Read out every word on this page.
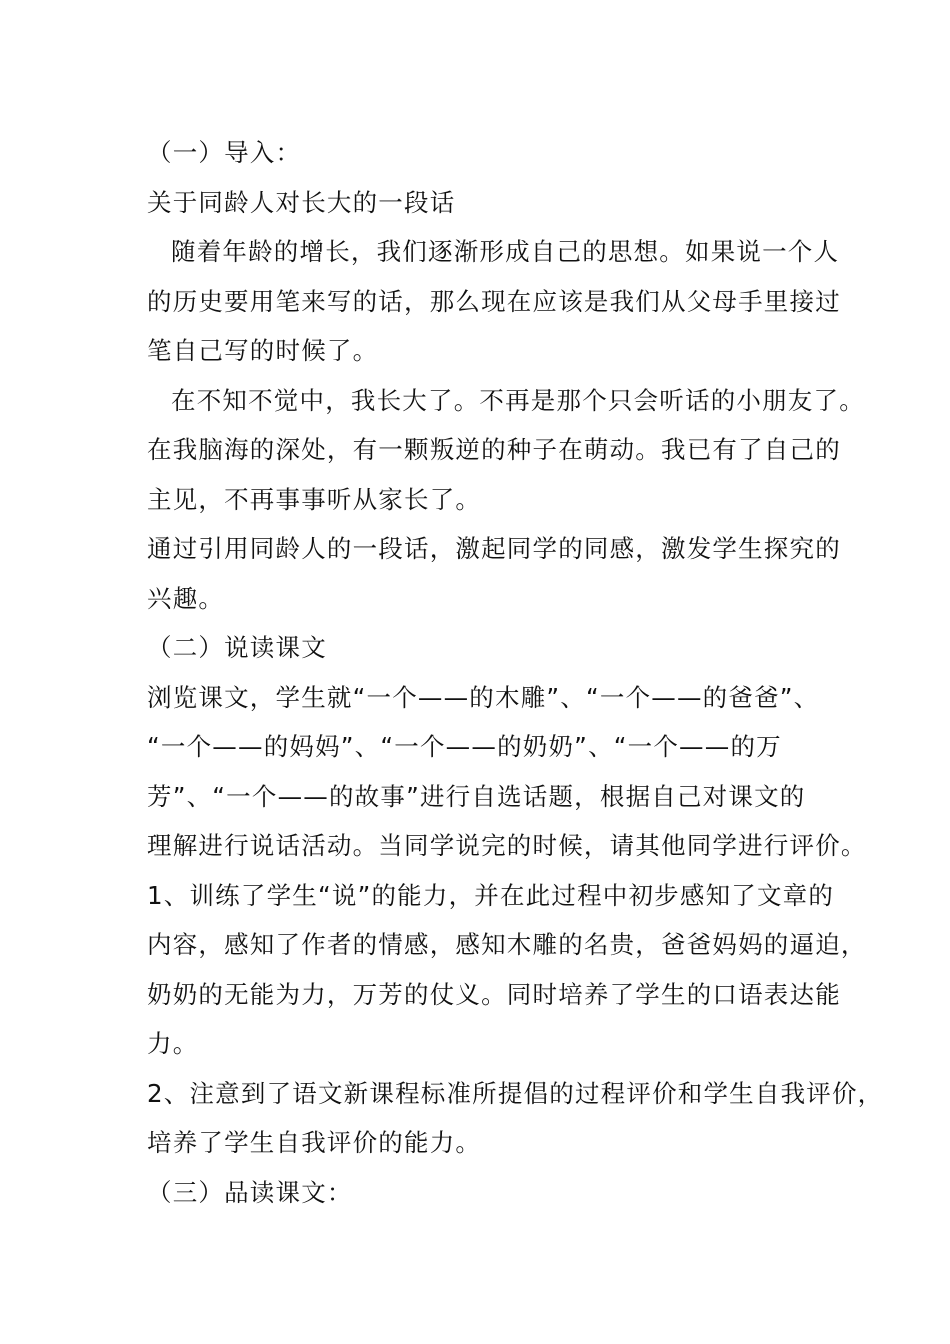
（一）导入：
关于同龄人对长大的一段话
随着年龄的增长，我们逐渐形成自己的思想。如果说一个人
的历史要用笔来写的话，那么现在应该是我们从父母手里接过
笔自己写的时候了。
在不知不觉中，我长大了。不再是那个只会听话的小朋友了。
在我脑海的深处，有一颗叛逆的种子在萌动。我已有了自己的
主见，不再事事听从家长了。
通过引用同龄人的一段话，激起同学的同感，激发学生探究的
兴趣。
（二）说读课文
浏览课文，学生就“一个——的木雕”、“一个——的爸爸”、
“一个——的妈妈”、“一个——的奶奶”、“一个——的万
芳”、“一个——的故事”进行自选话题，根据自己对课文的
理解进行说话活动。当同学说完的时候，请其他同学进行评价。
1、训练了学生“说”的能力，并在此过程中初步感知了文章的
内容，感知了作者的情感，感知木雕的名贵，爸爸妈妈的逼迫，
奶奶的无能为力，万芳的仗义。同时培养了学生的口语表达能
力。
2、注意到了语文新课程标准所提倡的过程评价和学生自我评价，
培养了学生自我评价的能力。
（三）品读课文：
